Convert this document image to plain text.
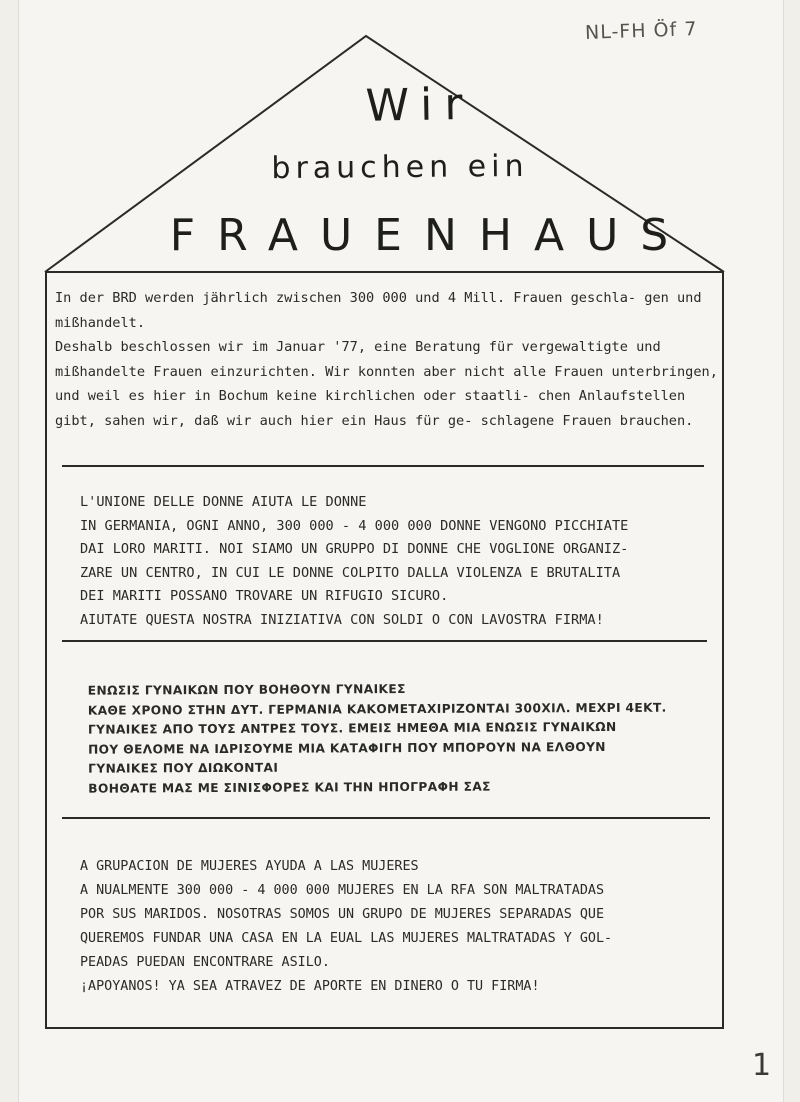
NL-FH Öf 7
Wir
brauchen ein
FRAUENHAUS

In der BRD werden jährlich zwischen 300 000 und 4 Mill. Frauen geschla- gen und mißhandelt.

Deshalb beschlossen wir im Januar '77, eine Beratung für vergewaltigte und mißhandelte Frauen einzurichten. Wir konnten aber nicht alle Frauen unterbringen, und weil es hier in Bochum keine kirchlichen oder staatli- chen Anlaufstellen gibt, sahen wir, daß wir auch hier ein Haus für ge- schlagene Frauen brauchen.

L'UNIONE DELLE DONNE AIUTA LE DONNE

IN GERMANIA, OGNI ANNO, 300 000 - 4 000 000 DONNE VENGONO PICCHIATE

DAI LORO MARITI. NOI SIAMO UN GRUPPO DI DONNE CHE VOGLIONE ORGANIZ-

ZARE UN CENTRO, IN CUI LE DONNE COLPITO DALLA VIOLENZA E BRUTALITA

DEI MARITI POSSANO TROVARE UN RIFUGIO SICURO.

AIUTATE QUESTA NOSTRA INIZIATIVA CON SOLDI O CON LAVOSTRA FIRMA!

ΕΝΩΣΙΣ ΓΥΝΑΙΚΩΝ ΠΟΥ ΒΟΗΘΟΥΝ ΓΥΝΑΙΚΕΣ

ΚΑΘΕ ΧΡΟΝΟ ΣΤΗΝ ΔΥΤ. ΓΕΡΜΑΝΙΑ ΚΑΚΟΜΕΤΑΧΙΡΙΖΟΝΤΑΙ 300ΧΙΛ. ΜΕΧΡΙ 4ΕΚΤ.

ΓΥΝΑΙΚΕΣ ΑΠΟ ΤΟΥΣ ΑΝΤΡΕΣ ΤΟΥΣ. ΕΜΕΙΣ ΗΜΕΘΑ ΜΙΑ ΕΝΩΣΙΣ ΓΥΝΑΙΚΩΝ

ΠΟΥ ΘΕΛΟΜΕ ΝΑ ΙΔΡΙΣΟΥΜΕ ΜΙΑ ΚΑΤΑΦΙΓΗ ΠΟΥ ΜΠΟΡΟΥΝ ΝΑ ΕΛΘΟΥΝ

ΓΥΝΑΙΚΕΣ ΠΟΥ ΔΙΩΚΟΝΤΑΙ

ΒΟΗΘΑΤΕ ΜΑΣ ΜΕ ΣΙΝΙΣΦΟΡΕΣ ΚΑΙ ΤΗΝ ΗΠΟΓΡΑΦΗ ΣΑΣ

A GRUPACION DE MUJERES AYUDA A LAS MUJERES

A NUALMENTE 300 000 - 4 000 000 MUJERES EN LA RFA SON MALTRATADAS

POR SUS MARIDOS. NOSOTRAS SOMOS UN GRUPO DE MUJERES SEPARADAS QUE

QUEREMOS FUNDAR UNA CASA EN LA EUAL LAS MUJERES MALTRATADAS Y GOL-

PEADAS PUEDAN ENCONTRARE ASILO.

¡APOYANOS! YA SEA ATRAVEZ DE APORTE EN DINERO O TU FIRMA!

1
